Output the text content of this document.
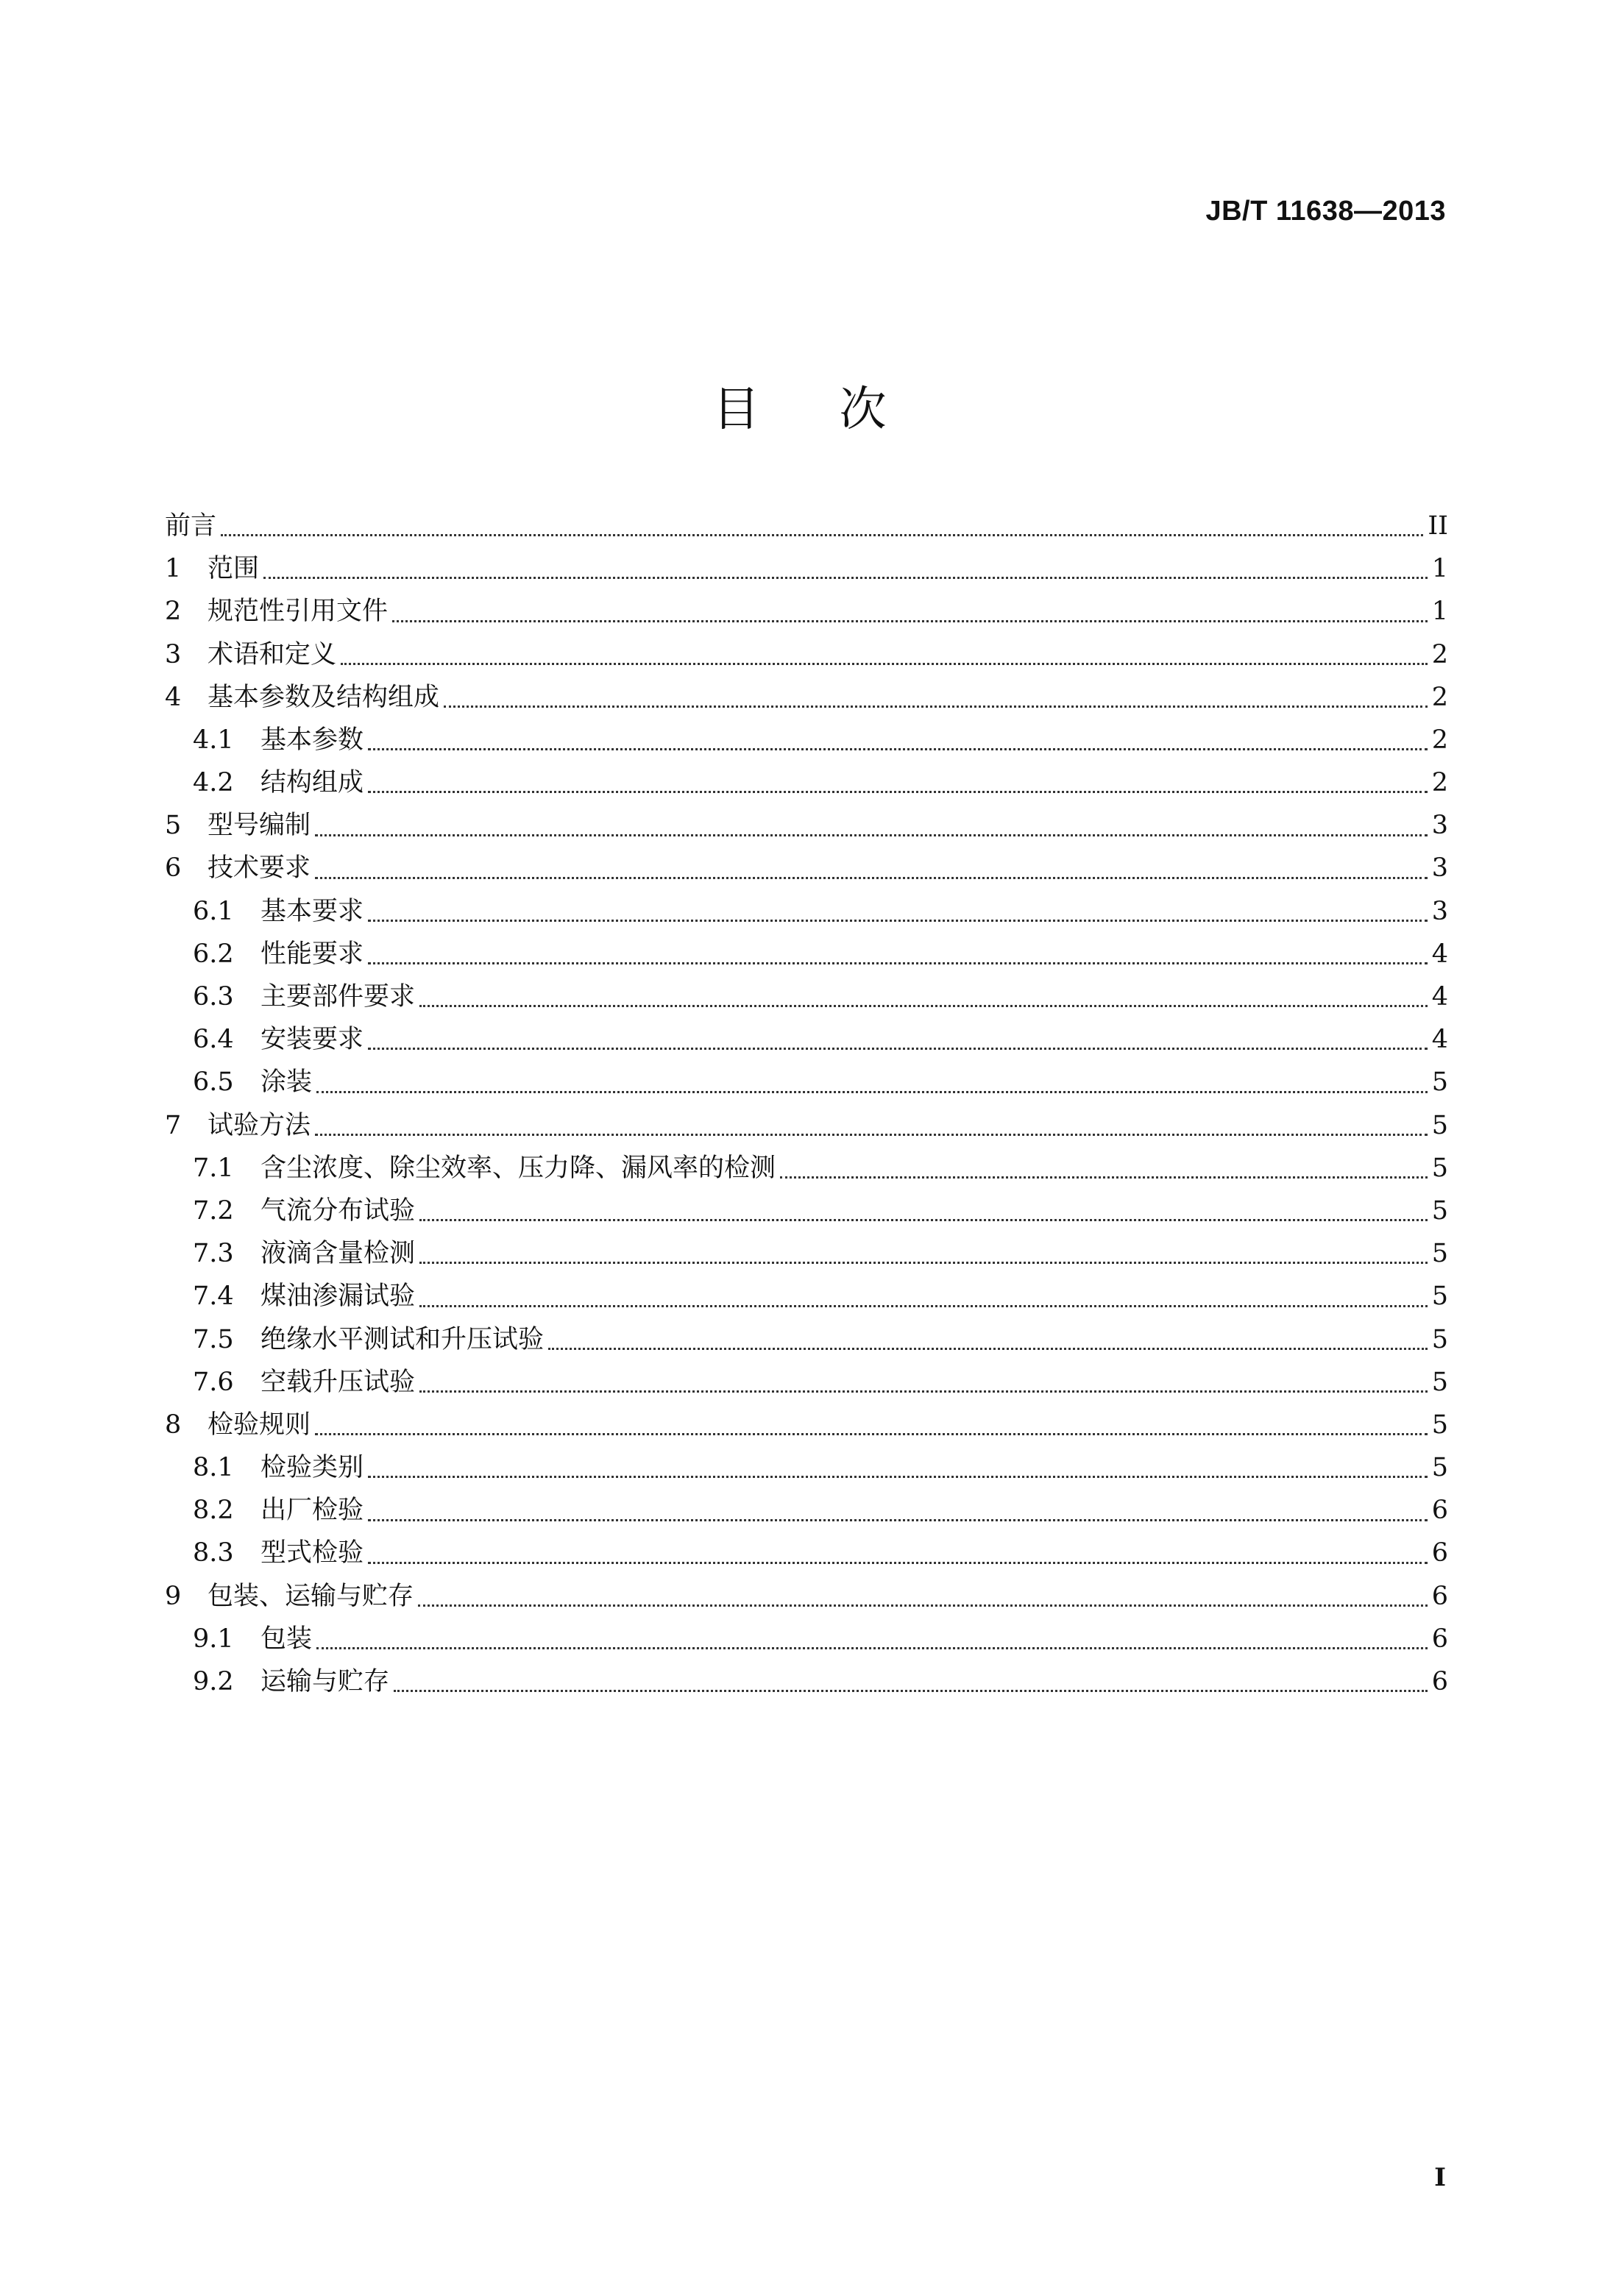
JB/T 11638—2013
目次
前言	II
1	范围	1
2	规范性引用文件	1
3	术语和定义	2
4	基本参数及结构组成	2
4.1	基本参数	2
4.2	结构组成	2
5	型号编制	3
6	技术要求	3
6.1	基本要求	3
6.2	性能要求	4
6.3	主要部件要求	4
6.4	安装要求	4
6.5	涂装	5
7	试验方法	5
7.1	含尘浓度、除尘效率、压力降、漏风率的检测	5
7.2	气流分布试验	5
7.3	液滴含量检测	5
7.4	煤油渗漏试验	5
7.5	绝缘水平测试和升压试验	5
7.6	空载升压试验	5
8	检验规则	5
8.1	检验类别	5
8.2	出厂检验	6
8.3	型式检验	6
9	包装、运输与贮存	6
9.1	包装	6
9.2	运输与贮存	6
I
